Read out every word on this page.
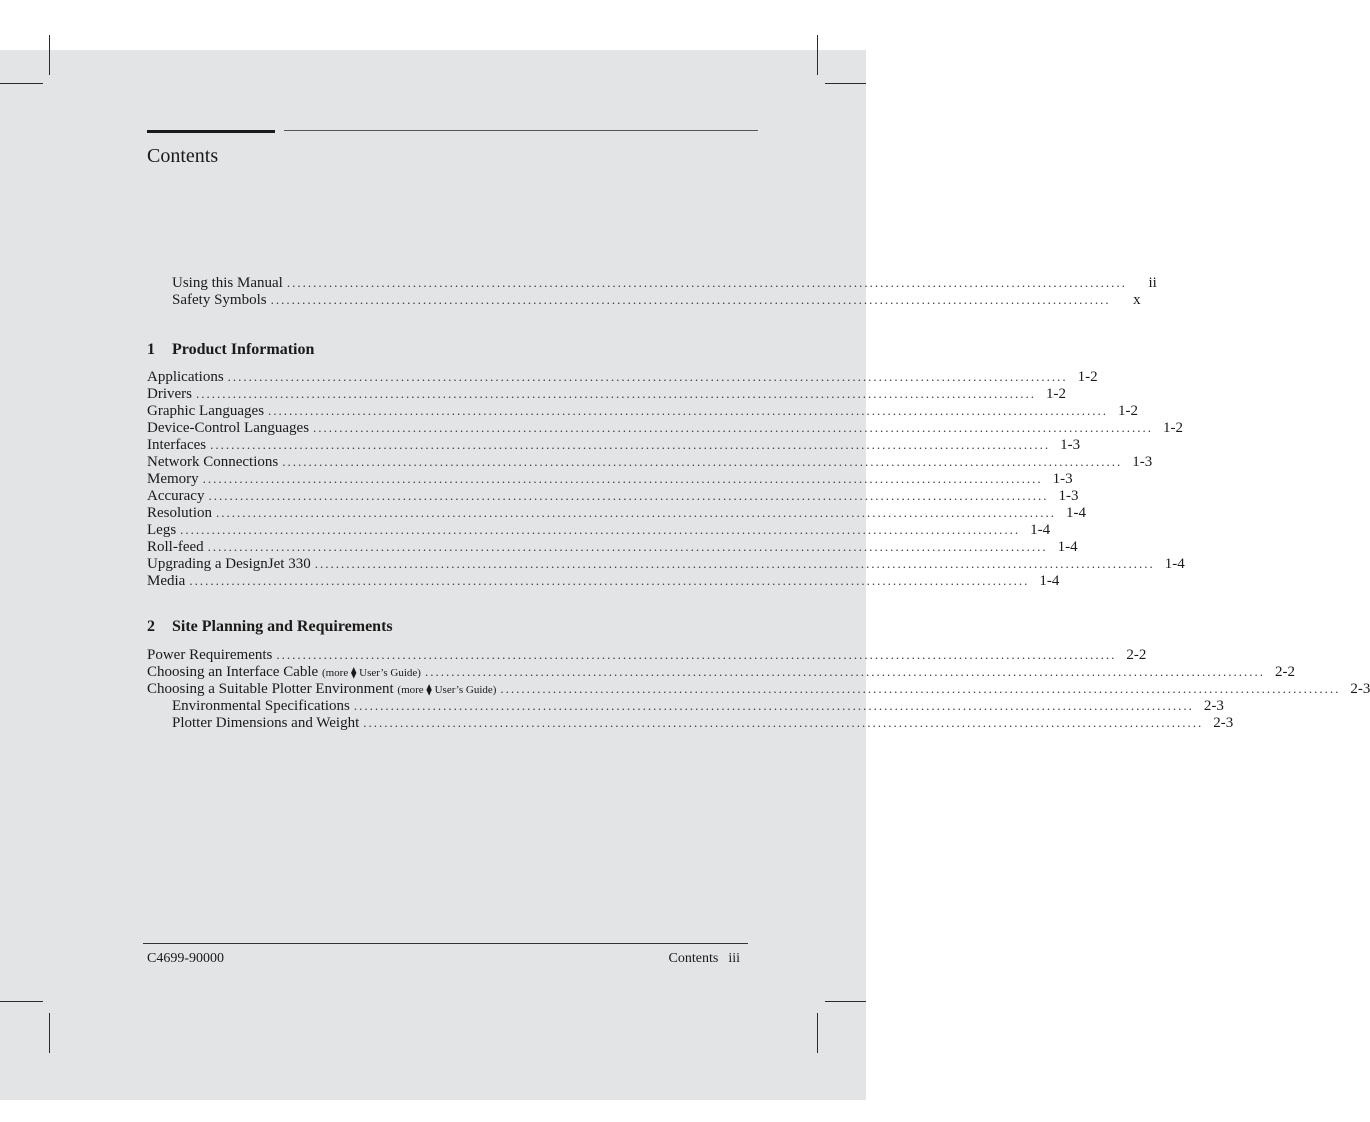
Contents
Using this Manual ................................................................................................................................................................	ii
Safety Symbols ................................................................................................................................................................	x
1 Product Information
Applications ................................................................................................................................................................ 1-2
Drivers ................................................................................................................................................................ 1-2
Graphic Languages ................................................................................................................................................................ 1-2
Device-Control Languages ................................................................................................................................................................ 1-2
Interfaces ................................................................................................................................................................ 1-3
Network Connections ................................................................................................................................................................ 1-3
Memory ................................................................................................................................................................ 1-3
Accuracy ................................................................................................................................................................ 1-3
Resolution ................................................................................................................................................................ 1-4
Legs ................................................................................................................................................................ 1-4
Roll-feed ................................................................................................................................................................ 1-4
Upgrading a DesignJet 330 ................................................................................................................................................................ 1-4
Media ................................................................................................................................................................ 1-4
2 Site Planning and Requirements
Power Requirements ................................................................................................................................................................ 2-2
Choosing an Interface Cable (more ⧫ User’s Guide) ................................................................................................................................................................ 2-2
Choosing a Suitable Plotter Environment (more ⧫ User’s Guide) ................................................................................................................................................................ 2-3
Environmental Specifications ................................................................................................................................................................ 2-3
Plotter Dimensions and Weight ................................................................................................................................................................ 2-3
C4699-90000	Contents iii
